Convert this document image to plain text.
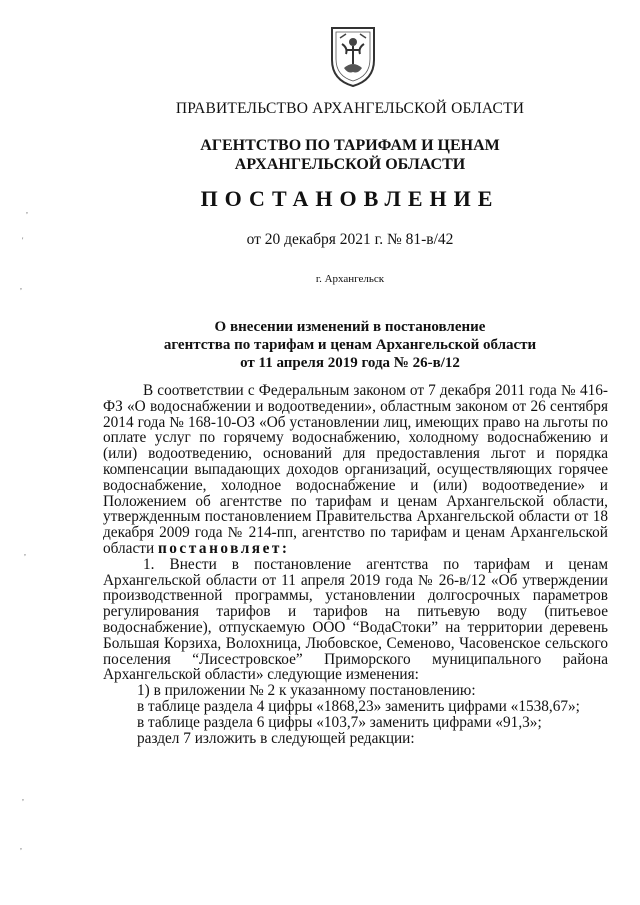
ПРАВИТЕЛЬСТВО АРХАНГЕЛЬСКОЙ ОБЛАСТИ
АГЕНТСТВО ПО ТАРИФАМ И ЦЕНАМ
АРХАНГЕЛЬСКОЙ ОБЛАСТИ
ПОСТАНОВЛЕНИЕ
от 20 декабря 2021 г. № 81-в/42
г. Архангельск
О внесении изменений в постановление
агентства по тарифам и ценам Архангельской области
от 11 апреля 2019 года № 26-в/12

В соответствии с Федеральным законом от 7 декабря 2011 года № 416-ФЗ «О водоснабжении и водоотведении», областным законом от 26 сентября 2014 года № 168-10-ОЗ «Об установлении лиц, имеющих право на льготы по оплате услуг по горячему водоснабжению, холодному водоснабжению и (или) водоотведению, оснований для предоставления льгот и порядка компенсации выпадающих доходов организаций, осуществляющих горячее водоснабжение, холодное водоснабжение и (или) водоотведение» и Положением об агентстве по тарифам и ценам Архангельской области, утвержденным постановлением Правительства Архангельской области от 18 декабря 2009 года № 214-пп, агентство по тарифам и ценам Архангельской области постановляет:

1. Внести в постановление агентства по тарифам и ценам Архангельской области от 11 апреля 2019 года № 26-в/12 «Об утверждении производственной программы, установлении долгосрочных параметров регулирования тарифов и тарифов на питьевую воду (питьевое водоснабжение), отпускаемую ООО “ВодаСтоки” на территории деревень Большая Корзиха, Волохница, Любовское, Семеново, Часовенское сельского поселения “Лисестровское” Приморского муниципального района Архангельской области» следующие изменения:

1) в приложении № 2 к указанному постановлению:

в таблице раздела 4 цифры «1868,23» заменить цифрами «1538,67»;

в таблице раздела 6 цифры «103,7» заменить цифрами «91,3»;

раздел 7 изложить в следующей редакции:

,
'
,
,
,
,
